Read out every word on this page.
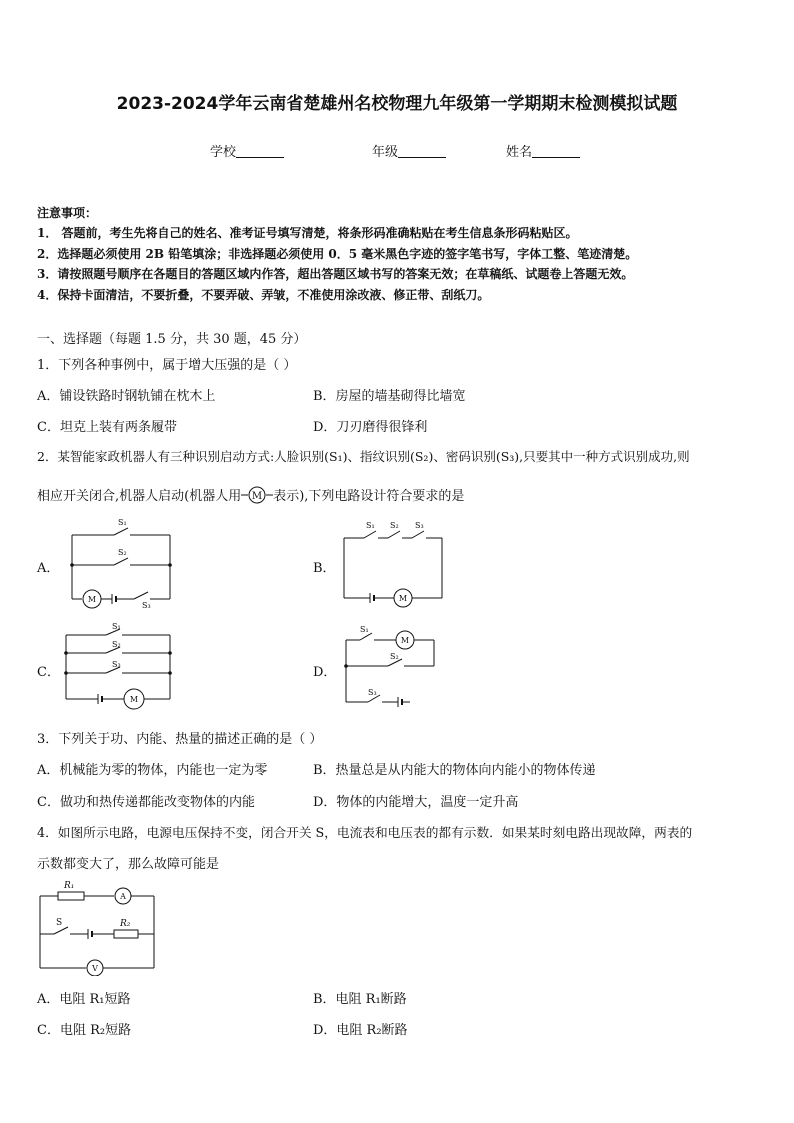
2023-2024学年云南省楚雄州名校物理九年级第一学期期末检测模拟试题
学校	年级	姓名
注意事项：
1． 答题前，考生先将自己的姓名、准考证号填写清楚，将条形码准确粘贴在考生信息条形码粘贴区。
2．选择题必须使用 2B 铅笔填涂；非选择题必须使用 0．5 毫米黑色字迹的签字笔书写，字体工整、笔迹清楚。
3．请按照题号顺序在各题目的答题区域内作答，超出答题区域书写的答案无效；在草稿纸、试题卷上答题无效。
4．保持卡面清洁，不要折叠，不要弄破、弄皱，不准使用涂改液、修正带、刮纸刀。
一、选择题（每题 1.5 分，共 30 题，45 分）
1．下列各种事例中，属于增大压强的是（ ）
A．铺设铁路时钢轨铺在枕木上	B．房屋的墙基砌得比墙宽
C．坦克上装有两条履带	D．刀刃磨得很锋利
2．某智能家政机器人有三种识别启动方式:人脸识别(S₁)、指纹识别(S₂)、密码识别(S₃),只要其中一种方式识别成功,则
相应开关闭合,机器人启动(机器人用 M 表示),下列电路设计符合要求的是
A．	B．
C．	D．
S₁
S₂
S₃
M
S₁ S₂ S₃
M
S₁
S₂
S₃
M
S₁
S₂
S₃
M
3．下列关于功、内能、热量的描述正确的是（ ）
A．机械能为零的物体，内能也一定为零	B．热量总是从内能大的物体向内能小的物体传递
C．做功和热传递都能改变物体的内能	D．物体的内能增大，温度一定升高
4．如图所示电路，电源电压保持不变，闭合开关 S，电流表和电压表的都有示数．如果某时刻电路出现故障，两表的
示数都变大了，那么故障可能是
R₁
R₂
S
A
V
A．电阻 R₁短路	B．电阻 R₁断路
C．电阻 R₂短路	D．电阻 R₂断路
